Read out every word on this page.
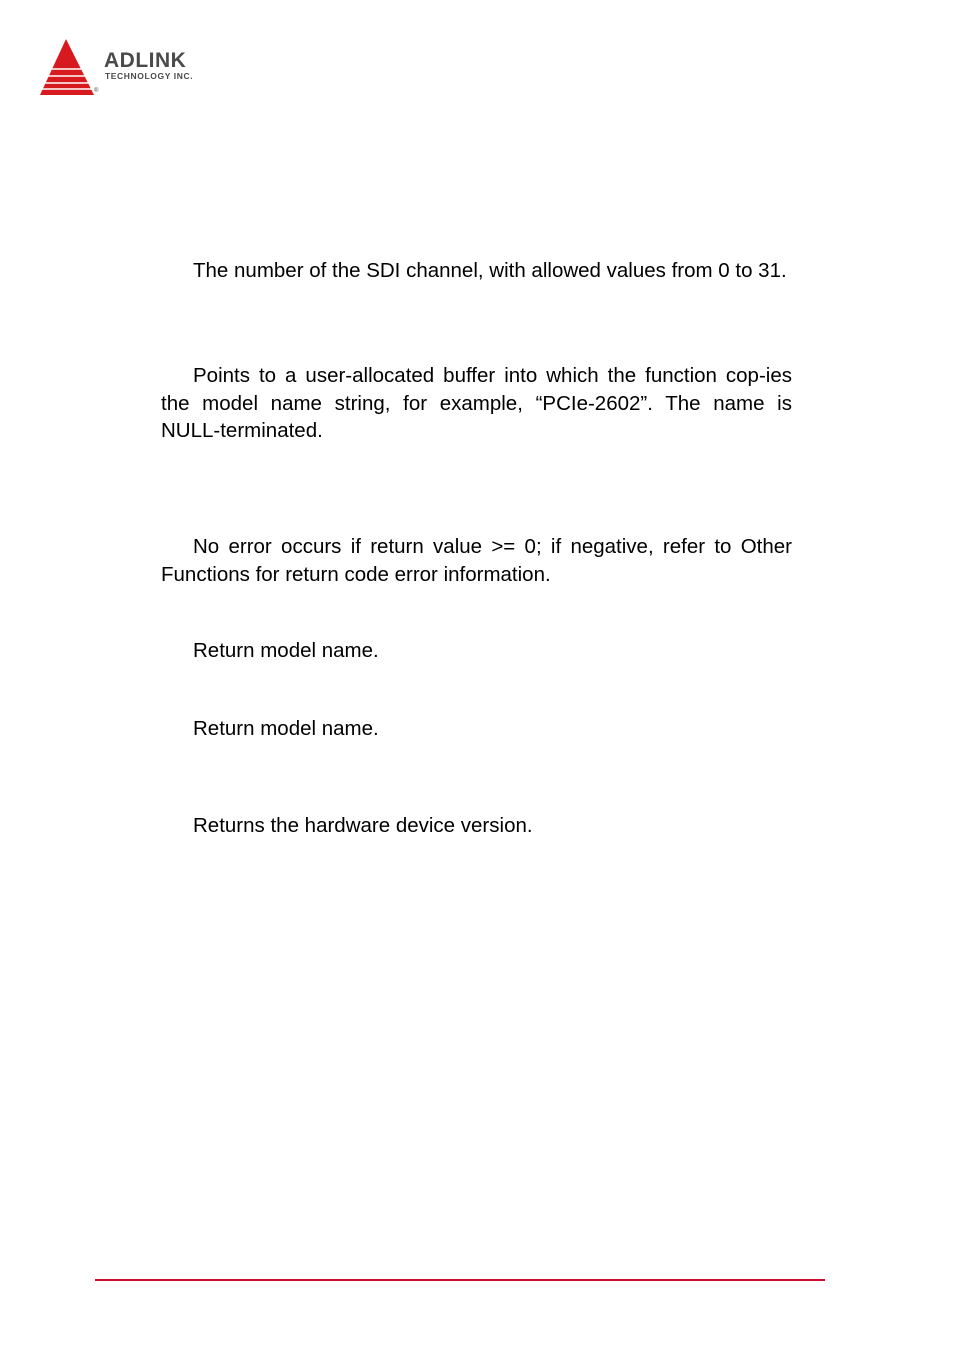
ADLINK
TECHNOLOGY INC.
®

The number of the SDI channel, with allowed values from 0 to 31.

Points to a user-allocated buffer into which the function cop-ies the model name string, for example, “PCIe-2602”. The name is NULL-terminated.

No error occurs if return value >= 0; if negative, refer to Other Functions for return code error information.

Return model name.

Return model name.

Returns the hardware device version.
